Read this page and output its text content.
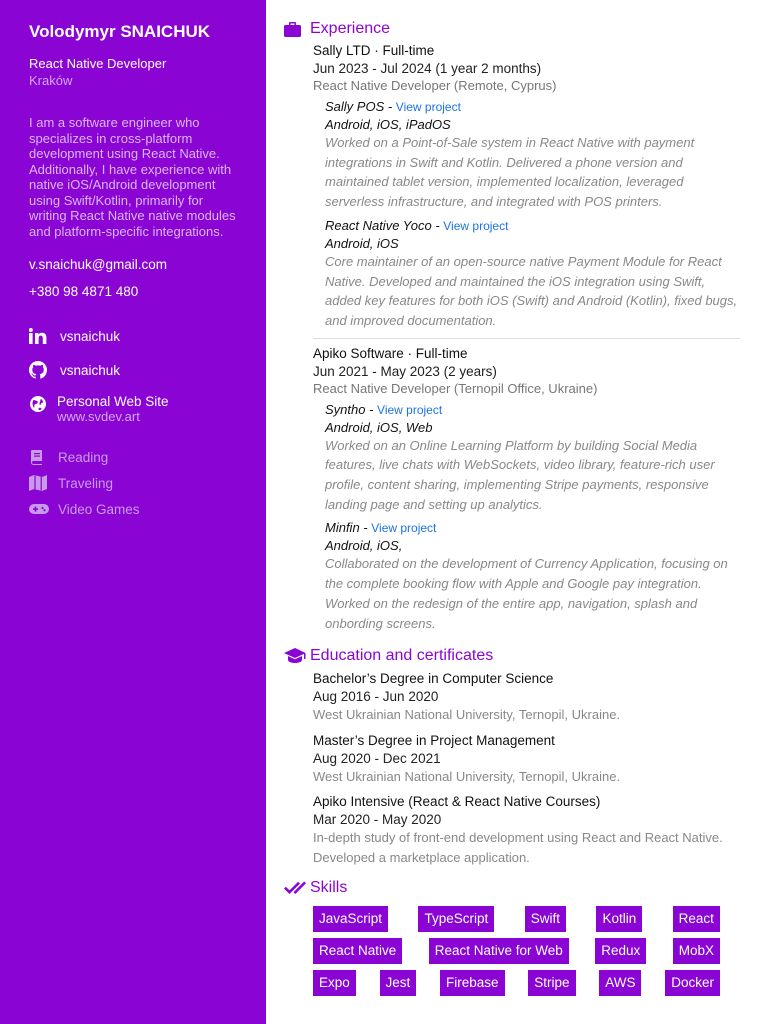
Volodymyr SNAICHUK
React Native Developer
Kraków
I am a software engineer who specializes in cross-platform development using React Native. Additionally, I have experience with native iOS/Android development using Swift/Kotlin, primarily for writing React Native native modules and platform-specific integrations.
v.snaichuk@gmail.com
+380 98 4871 480
vsnaichuk
vsnaichuk
Personal Web Site
www.svdev.art
Reading
Traveling
Video Games
Experience
Sally LTD · Full-time
Jun 2023 - Jul 2024 (1 year 2 months)
React Native Developer (Remote, Cyprus)
Sally POS - View project
Android, iOS, iPadOS
Worked on a Point-of-Sale system in React Native with payment integrations in Swift and Kotlin. Delivered a phone version and maintained tablet version, implemented localization, leveraged serverless infrastructure, and integrated with POS printers.
React Native Yoco - View project
Android, iOS
Core maintainer of an open-source native Payment Module for React Native. Developed and maintained the iOS integration using Swift, added key features for both iOS (Swift) and Android (Kotlin), fixed bugs, and improved documentation.
Apiko Software · Full-time
Jun 2021 - May 2023 (2 years)
React Native Developer (Ternopil Office, Ukraine)
Syntho - View project
Android, iOS, Web
Worked on an Online Learning Platform by building Social Media features, live chats with WebSockets, video library, feature-rich user profile, content sharing, implementing Stripe payments, responsive landing page and setting up analytics.
Minfin - View project
Android, iOS,
Collaborated on the development of Currency Application, focusing on the complete booking flow with Apple and Google pay integration. Worked on the redesign of the entire app, navigation, splash and onbording screens.
Education and certificates
Bachelor’s Degree in Computer Science
Aug 2016 - Jun 2020
West Ukrainian National University, Ternopil, Ukraine.
Master’s Degree in Project Management
Aug 2020 - Dec 2021
West Ukrainian National University, Ternopil, Ukraine.
Apiko Intensive (React & React Native Courses)
Mar 2020 - May 2020
In-depth study of front-end development using React and React Native. Developed a marketplace application.
Skills
JavaScript	TypeScript	Swift	Kotlin	React
React Native	React Native for Web	Redux	MobX
Expo	Jest	Firebase	Stripe	AWS	Docker
